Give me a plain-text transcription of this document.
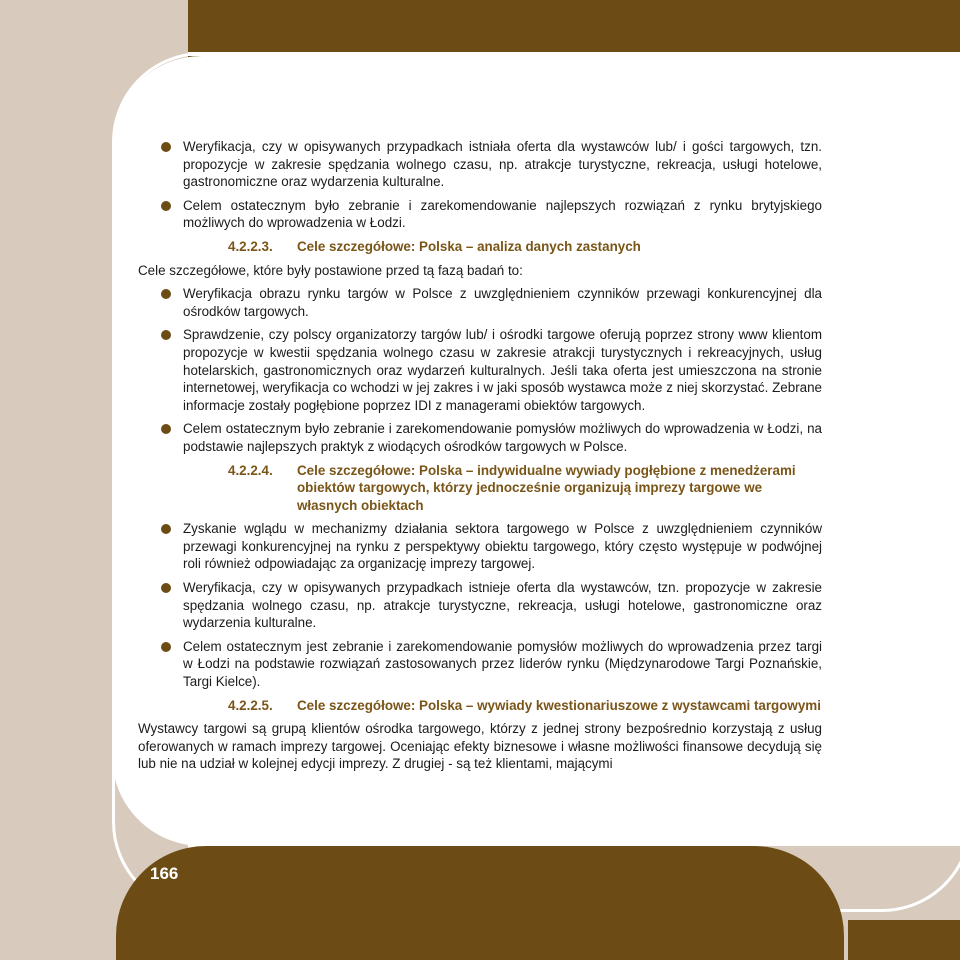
166
Weryfikacja, czy w opisywanych przypadkach istniała oferta dla wystawców lub/ i gości targowych, tzn. propozycje w zakresie spędzania wolnego czasu, np. atrakcje turystyczne, rekreacja, usługi hotelowe, gastronomiczne oraz wydarzenia kulturalne.
Celem ostatecznym było zebranie i zarekomendowanie najlepszych rozwiązań z rynku brytyjskiego możliwych do wprowadzenia w Łodzi.
4.2.2.3.	Cele szczegółowe: Polska – analiza danych zastanych
Cele szczegółowe, które były postawione przed tą fazą badań to:
Weryfikacja obrazu rynku targów w Polsce z uwzględnieniem czynników przewagi konkurencyjnej dla ośrodków targowych.
Sprawdzenie, czy polscy organizatorzy targów lub/ i ośrodki targowe oferują poprzez strony www klientom propozycje w kwestii spędzania wolnego czasu w zakresie atrakcji turystycznych i rekreacyjnych, usług hotelarskich, gastronomicznych oraz wydarzeń kulturalnych. Jeśli taka oferta jest umieszczona na stronie internetowej, weryfikacja co wchodzi w jej zakres i w jaki sposób wystawca może z niej skorzystać. Zebrane informacje zostały pogłębione poprzez IDI z managerami obiektów targowych.
Celem ostatecznym było zebranie i zarekomendowanie pomysłów możliwych do wprowadzenia w Łodzi, na podstawie najlepszych praktyk z wiodących ośrodków targowych w Polsce.
4.2.2.4.	Cele szczegółowe: Polska – indywidualne wywiady pogłębione z menedżerami obiektów targowych, którzy jednocześnie organizują imprezy targowe we własnych obiektach
Zyskanie wglądu w mechanizmy działania sektora targowego w Polsce z uwzględnieniem czynników przewagi konkurencyjnej na rynku z perspektywy obiektu targowego, który często występuje w podwójnej roli również odpowiadając za organizację imprezy targowej.
Weryfikacja, czy w opisywanych przypadkach istnieje oferta dla wystawców, tzn. propozycje w zakresie spędzania wolnego czasu, np. atrakcje turystyczne, rekreacja, usługi hotelowe, gastronomiczne oraz wydarzenia kulturalne.
Celem ostatecznym jest zebranie i zarekomendowanie pomysłów możliwych do wprowadzenia przez targi w Łodzi na podstawie rozwiązań zastosowanych przez liderów rynku (Międzynarodowe Targi Poznańskie, Targi Kielce).
4.2.2.5.	Cele szczegółowe: Polska – wywiady kwestionariuszowe z wystawcami targowymi
Wystawcy targowi są grupą klientów ośrodka targowego, którzy z jednej strony bezpośrednio korzystają z usług oferowanych w ramach imprezy targowej. Oceniając efekty biznesowe i własne możliwości finansowe decydują się lub nie na udział w kolejnej edycji imprezy. Z drugiej - są też klientami, mającymi
